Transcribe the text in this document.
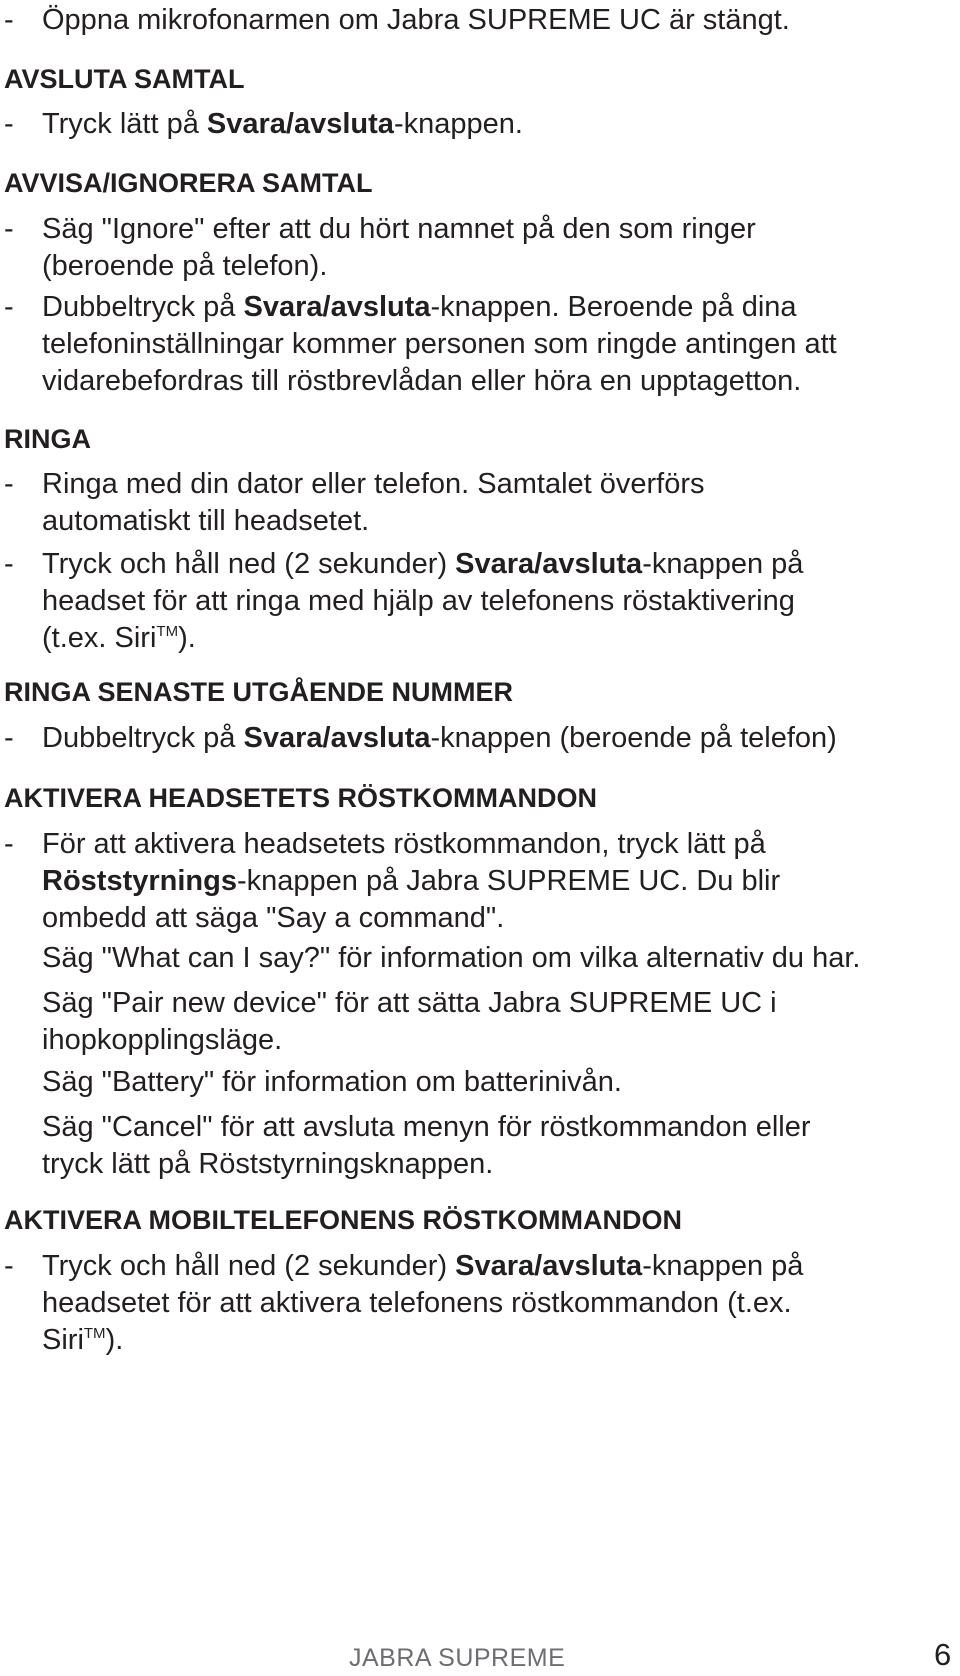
- Öppna mikrofonarmen om Jabra SUPREME UC är stängt.
AVSLUTA SAMTAL
- Tryck lätt på Svara/avsluta-knappen.
AVVISA/IGNORERA SAMTAL
- Säg "Ignore" efter att du hört namnet på den som ringer
(beroende på telefon).
- Dubbeltryck på Svara/avsluta-knappen. Beroende på dina
telefoninställningar kommer personen som ringde antingen att
vidarebefordras till röstbrevlådan eller höra en upptagetton.
RINGA
- Ringa med din dator eller telefon. Samtalet överförs
automatiskt till headsetet.
- Tryck och håll ned (2 sekunder) Svara/avsluta-knappen på
headset för att ringa med hjälp av telefonens röstaktivering
(t.ex. Siri™).
RINGA SENASTE UTGÅENDE NUMMER
- Dubbeltryck på Svara/avsluta-knappen (beroende på telefon)
AKTIVERA HEADSETETS RÖSTKOMMANDON
- För att aktivera headsetets röstkommandon, tryck lätt på
Röststyrnings-knappen på Jabra SUPREME UC. Du blir
ombedd att säga "Say a command".
Säg "What can I say?" för information om vilka alternativ du har.
Säg "Pair new device" för att sätta Jabra SUPREME UC i
ihopkopplingsläge.
Säg "Battery" för information om batterinivån.
Säg "Cancel" för att avsluta menyn för röstkommandon eller
tryck lätt på Röststyrningsknappen.
AKTIVERA MOBILTELEFONENS RÖSTKOMMANDON
- Tryck och håll ned (2 sekunder) Svara/avsluta-knappen på
headsetet för att aktivera telefonens röstkommandon (t.ex.
Siri™).
JABRA SUPREME	6
